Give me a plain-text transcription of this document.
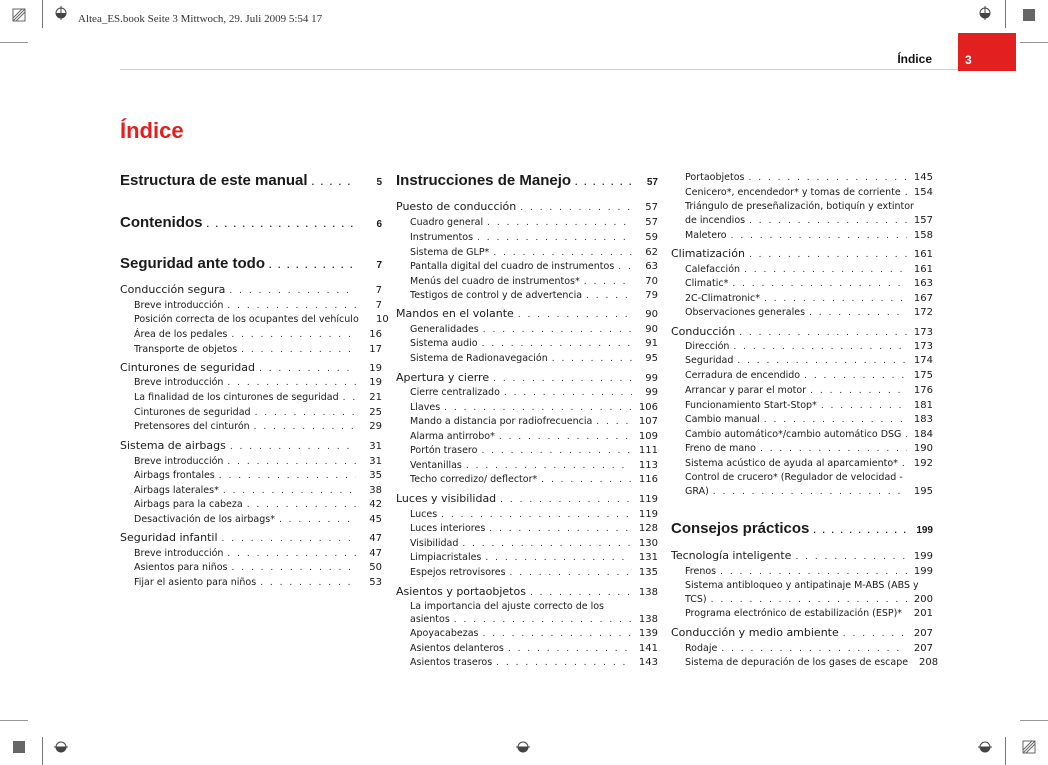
Altea_ES.book Seite 3 Mittwoch, 29. Juli 2009 5:54 17
Índice	3
Índice
Estructura de este manual . . .	5
Contenidos . . .	6
Seguridad ante todo . . .	7
Conducción segura . . .	7
Breve introducción . . .	7
Posición correcta de los ocupantes del vehículo	10
Área de los pedales . . .	16
Transporte de objetos . . .	17
Cinturones de seguridad . . .	19
Breve introducción . . .	19
La finalidad de los cinturones de seguridad . . .	21
Cinturones de seguridad . . .	25
Pretensores del cinturón . . .	29
Sistema de airbags . . .	31
Breve introducción . . .	31
Airbags frontales . . .	35
Airbags laterales* . . .	38
Airbags para la cabeza . . .	42
Desactivación de los airbags* . . .	45
Seguridad infantil . . .	47
Breve introducción . . .	47
Asientos para niños . . .	50
Fijar el asiento para niños . . .	53
Instrucciones de Manejo . . .	57
Puesto de conducción . . .	57
Cuadro general . . .	57
Instrumentos . . .	59
Sistema de GLP* . . .	62
Pantalla digital del cuadro de instrumentos . . .	63
Menús del cuadro de instrumentos* . . .	70
Testigos de control y de advertencia . . .	79
Mandos en el volante . . .	90
Generalidades . . .	90
Sistema audio . . .	91
Sistema de Radionavegación . . .	95
Apertura y cierre . . .	99
Cierre centralizado . . .	99
Llaves . . .	106
Mando a distancia por radiofrecuencia . . .	107
Alarma antirrobo* . . .	109
Portón trasero . . .	111
Ventanillas . . .	113
Techo corredizo/ deflector* . . .	116
Luces y visibilidad . . .	119
Luces . . .	119
Luces interiores . . .	128
Visibilidad . . .	130
Limpiacristales . . .	131
Espejos retrovisores . . .	135
Asientos y portaobjetos . . .	138
La importancia del ajuste correcto de los
asientos . . .	138
Apoyacabezas . . .	139
Asientos delanteros . . .	141
Asientos traseros . . .	143
Portaobjetos . . .	145
Cenicero*, encendedor* y tomas de corriente . . . 154
Triángulo de preseñalización, botiquín y extintor
de incendios . . .	157
Maletero . . .	158
Climatización . . .	161
Calefacción . . .	161
Climatic* . . .	163
2C-Climatronic* . . .	167
Observaciones generales . . .	172
Conducción . . .	173
Dirección . . .	173
Seguridad . . .	174
Cerradura de encendido . . .	175
Arrancar y parar el motor . . .	176
Funcionamiento Start-Stop* . . .	181
Cambio manual . . .	183
Cambio automático*/cambio automático DSG . . . 184
Freno de mano . . .	190
Sistema acústico de ayuda al aparcamiento* . . . 192
Control de crucero* (Regulador de velocidad -
GRA) . . .	195
Consejos prácticos . . .	199
Tecnología inteligente . . .	199
Frenos . . .	199
Sistema antibloqueo y antipatinaje M-ABS (ABS y
TCS) . . .	200
Programa electrónico de estabilización (ESP)* . . . 201
Conducción y medio ambiente . . .	207
Rodaje . . .	207
Sistema de depuración de los gases de escape 208
